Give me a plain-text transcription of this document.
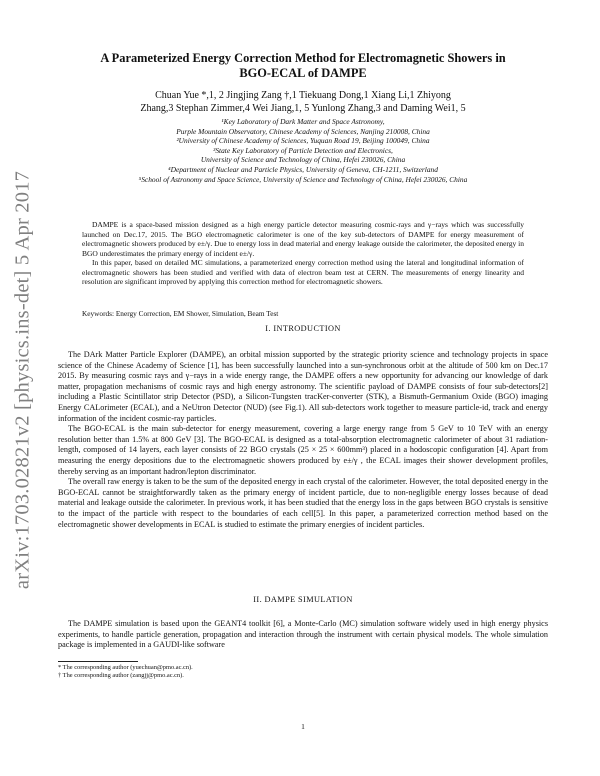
arXiv:1703.02821v2 [physics.ins-det] 5 Apr 2017
A Parameterized Energy Correction Method for Electromagnetic Showers in
BGO-ECAL of DAMPE
Chuan Yue *,1, 2 Jingjing Zang †,1 Tiekuang Dong,1 Xiang Li,1 Zhiyong
Zhang,3 Stephan Zimmer,4 Wei Jiang,1, 5 Yunlong Zhang,3 and Daming Wei1, 5
¹Key Laboratory of Dark Matter and Space Astronomy,
Purple Mountain Observatory, Chinese Academy of Sciences, Nanjing 210008, China
²University of Chinese Academy of Sciences, Yuquan Road 19, Beijing 100049, China
³State Key Laboratory of Particle Detection and Electronics,
University of Science and Technology of China, Hefei 230026, China
⁴Department of Nuclear and Particle Physics, University of Geneva, CH-1211, Switzerland
⁵School of Astronomy and Space Science, University of Science and Technology of China, Hefei 230026, China

DAMPE is a space-based mission designed as a high energy particle detector measuring cosmic-rays and γ−rays which was successfully launched on Dec.17, 2015. The BGO electromagnetic calorimeter is one of the key sub-detectors of DAMPE for energy measurement of electromagnetic showers produced by e±/γ. Due to energy loss in dead material and energy leakage outside the calorimeter, the deposited energy in BGO underestimates the primary energy of incident e±/γ.

In this paper, based on detailed MC simulations, a parameterized energy correction method using the lateral and longitudinal information of electromagnetic showers has been studied and verified with data of electron beam test at CERN. The measurements of energy linearity and resolution are significant improved by applying this correction method for electromagnetic showers.

Keywords: Energy Correction, EM Shower, Simulation, Beam Test
I. INTRODUCTION

The DArk Matter Particle Explorer (DAMPE), an orbital mission supported by the strategic priority science and technology projects in space science of the Chinese Academy of Science [1], has been successfully launched into a sun-synchronous orbit at the altitude of 500 km on Dec.17 2015. By measuring cosmic rays and γ−rays in a wide energy range, the DAMPE offers a new opportunity for advancing our knowledge of dark matter, propagation mechanisms of cosmic rays and high energy astronomy. The scientific payload of DAMPE consists of four sub-detectors[2] including a Plastic Scintillator strip Detector (PSD), a Silicon-Tungsten tracKer-converter (STK), a Bismuth-Germanium Oxide (BGO) imaging Energy CALorimeter (ECAL), and a NeUtron Detector (NUD) (see Fig.1). All sub-detectors work together to measure particle-id, track and energy information of the incident cosmic-ray particles.

The BGO-ECAL is the main sub-detector for energy measurement, covering a large energy range from 5 GeV to 10 TeV with an energy resolution better than 1.5% at 800 GeV [3]. The BGO-ECAL is designed as a total-absorption electromagnetic calorimeter of about 31 radiation-length, composed of 14 layers, each layer consists of 22 BGO crystals (25 × 25 × 600mm³) placed in a hodoscopic configuration [4]. Apart from measuring the energy depositions due to the electromagnetic showers produced by e±/γ , the ECAL images their shower development profiles, thereby serving as an important hadron/lepton discriminator.

The overall raw energy is taken to be the sum of the deposited energy in each crystal of the calorimeter. However, the total deposited energy in the BGO-ECAL cannot be straightforwardly taken as the primary energy of incident particle, due to non-negligible energy losses because of dead material and leakage outside the calorimeter. In previous work, it has been studied that the energy loss in the gaps between BGO crystals is sensitive to the impact of the particle with respect to the boundaries of each cell[5]. In this paper, a parameterized correction method based on the electromagnetic shower developments in ECAL is studied to estimate the primary energies of incident particles.

II. DAMPE SIMULATION

The DAMPE simulation is based upon the GEANT4 toolkit [6], a Monte-Carlo (MC) simulation software widely used in high energy physics experiments, to handle particle generation, propagation and interaction through the instrument with certain physical models. The whole simulation package is implemented in a GAUDI-like software

* The corresponding author (yuechuan@pmo.ac.cn).
† The corresponding author (zangjj@pmo.ac.cn).
1
